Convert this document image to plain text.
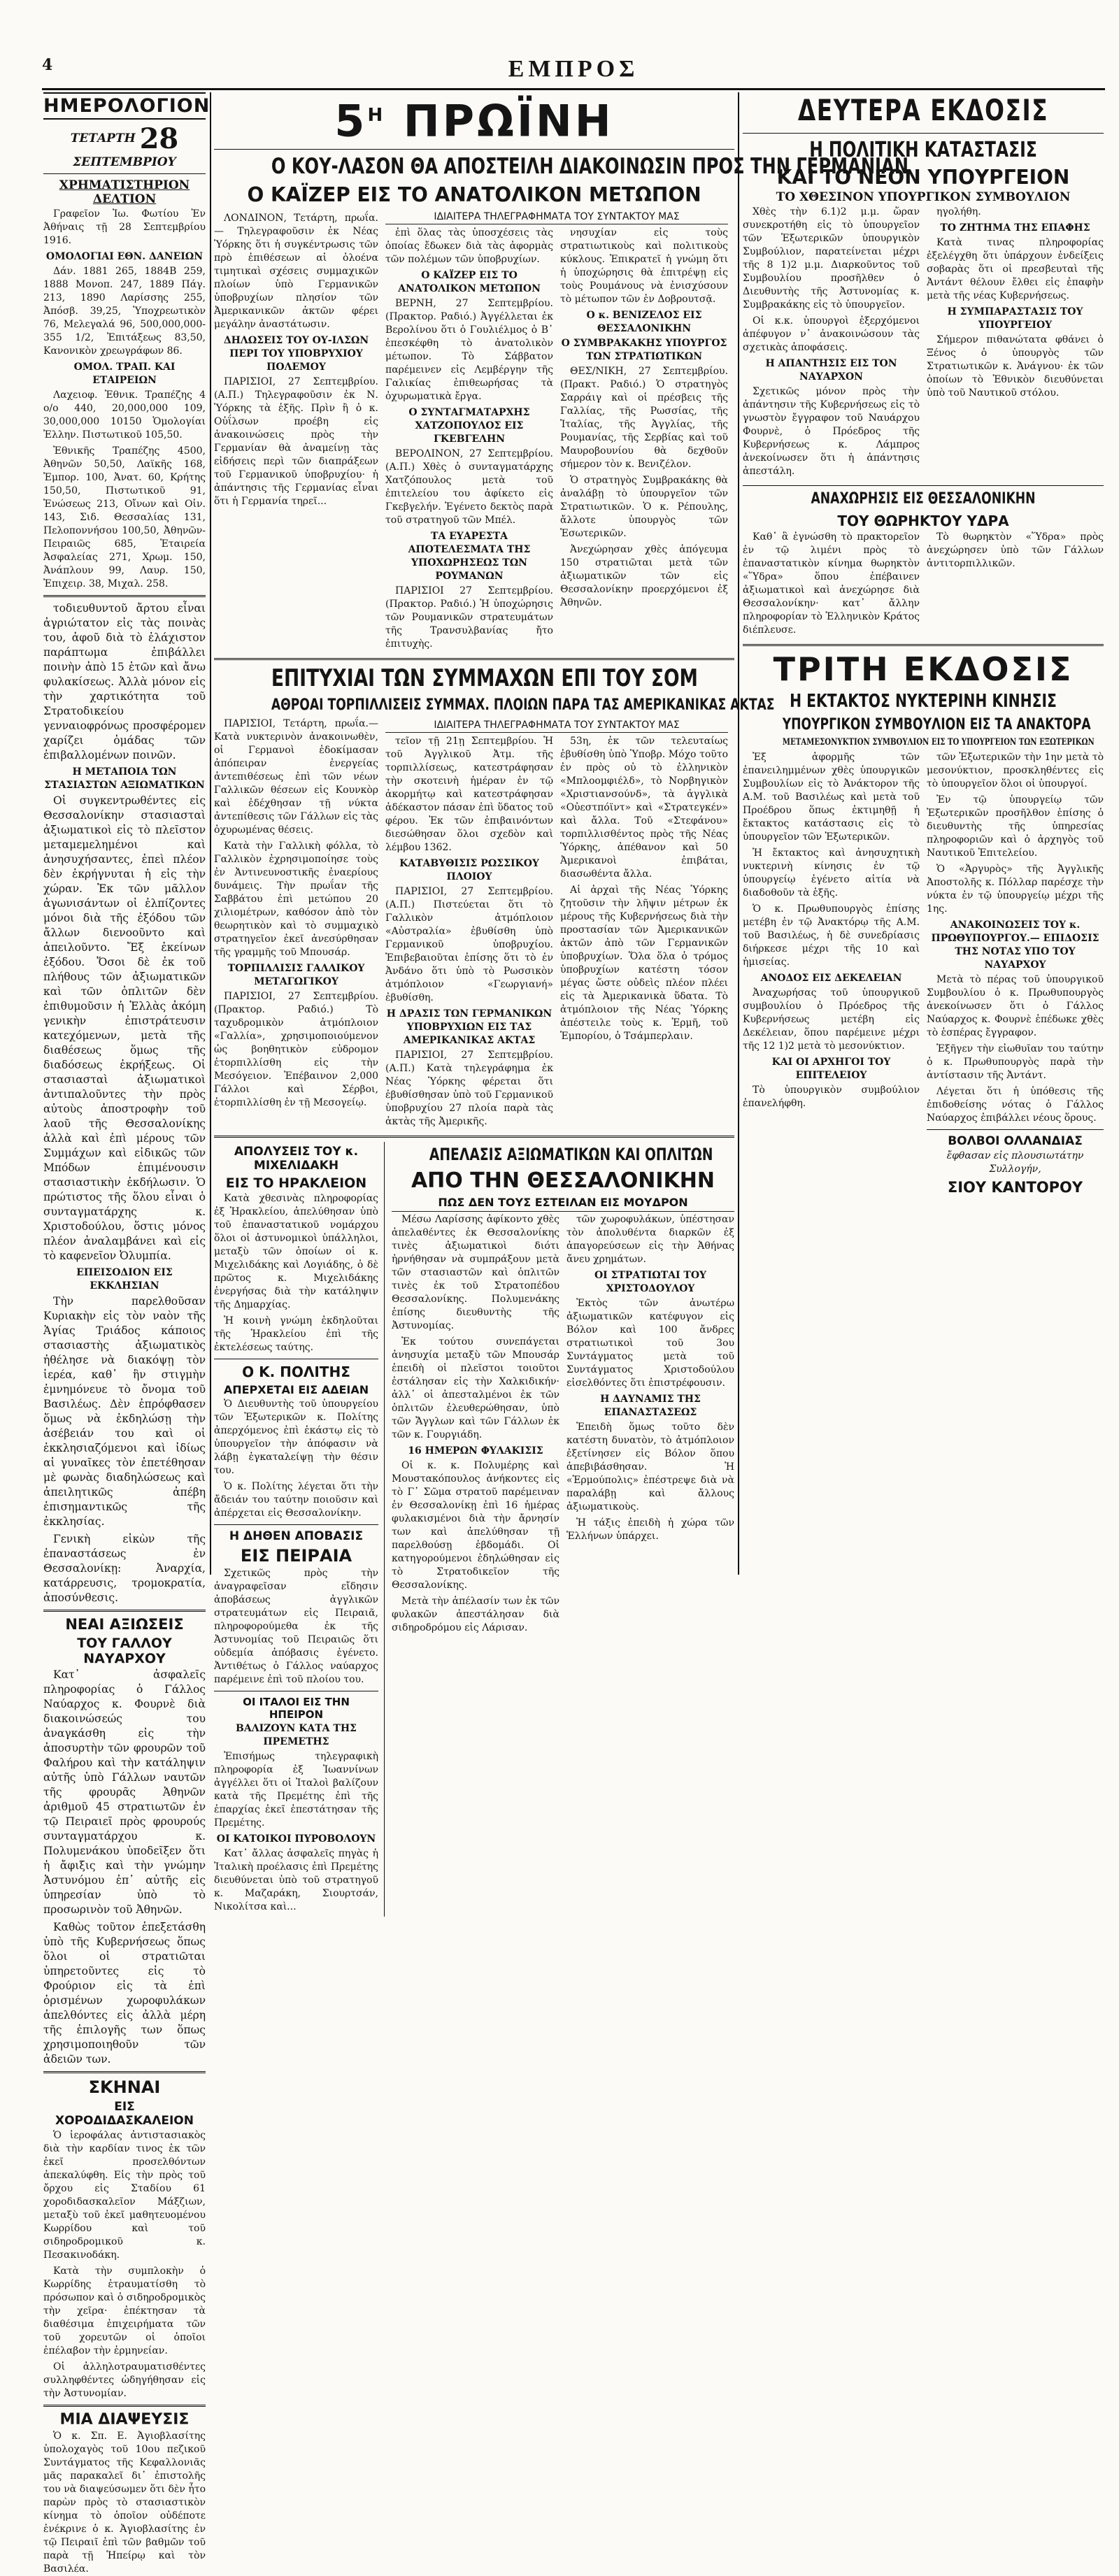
4	ΕΜΠΡΟΣ
ΗΜΕΡΟΛΟΓΙΟΝ
ΤΕΤΑΡΤΗ 28 ΣΕΠΤΕΜΒΡΙΟΥ
ΧΡΗΜΑΤΙΣΤΗΡΙΟΝ ΔΕΛΤΙΟΝ

Γραφεῖον Ἰω. Φωτίου Ἐν Ἀθήναις τῇ 28 Σεπτεμβρίου 1916.

ΟΜΟΛΟΓΙΑΙ ΕΘΝ. ΔΑΝΕΙΩΝ

Δάν. 1881 265, 1884B 259, 1888 Μονοπ. 247, 1889 Πάγ. 213, 1890 Λαρίσσης 255, Ἀπόσβ. 39,25, Ὑποχρεωτικὸν 76, Μελεγαλά 96, 500,000,000-355 1/2, Ἐπιτάξεως 83,50, Κανονικὸν χρεωγράφων 86.

ΟΜΟΛ. ΤΡΑΠ. ΚΑΙ ΕΤΑΙΡΕΙΩΝ

Λαχειοφ. Ἐθνικ. Τραπέζης 4 ο/ο 440, 20,000,000 109, 30,000,000 10150 Ὁμολογίαι Ἐλλην. Πιστωτικοῦ 105,50.

Ἐθνικῆς Τραπέζης 4500, Ἀθηνῶν 50,50, Λαϊκῆς 168, Ἐμπορ. 100, Ἀνατ. 60, Κρήτης 150,50, Πιστωτικοῦ 91, Ἑνώσεως 213, Οἴνων καὶ Οἰν. 143, Σιδ. Θεσσαλίας 131, Πελοποννήσου 100,50, Ἀθηνῶν-Πειραιῶς 685, Ἑταιρεία Ἀσφαλείας 271, Χρωμ. 150, Ἀνάπλουν 99, Λαυρ. 150, Ἐπιχειρ. 38, Μιχαλ. 258.

τοδιευθυντοῦ ἄρτου εἶναι ἀγριώτατον εἰς τὰς ποινὰς του, ἀφοῦ διὰ τὸ ἐλάχιστον παράπτωμα ἐπιβάλλει ποινὴν ἀπὸ 15 ἑτῶν καὶ ἄνω φυλακίσεως. Ἀλλὰ μόνον εἰς τὴν χαρτικότητα τοῦ Στρατοδικείου γενναιοφρόνως προσφέρομεν χαρίζει ὁμάδας τῶν ἐπιβαλλομένων ποινῶν.

Η ΜΕΤΑΠΟΙΑ ΤΩΝ ΣΤΑΣΙΑΣΤΩΝ ΑΞΙΩΜΑΤΙΚΩΝ

Οἱ συγκεντρωθέντες εἰς Θεσσαλονίκην στασιασταὶ ἀξιωματικοὶ εἰς τὸ πλεῖστον μεταμεμελημένοι καὶ ἀνησυχήσαντες, ἐπεὶ πλέον δὲν ἐκρήγνυται ἡ εἰς τὴν χώραν. Ἐκ τῶν μᾶλλον ἀγωνισάντων οἱ ἐλπίζοντες μόνοι διὰ τῆς ἐξόδου τῶν ἄλλων διενοοῦντο καὶ ἀπειλοῦντο. Ἔξ ἐκείνων ἐξόδου. Ὅσοι δὲ ἐκ τοῦ πλήθους τῶν ἀξιωματικῶν καὶ τῶν ὁπλιτῶν δὲν ἐπιθυμοῦσιν ἡ Ἑλλὰς ἀκόμη γενικὴν ἐπιστράτευσιν κατεχόμενων, μετὰ τῆς διαθέσεως ὅμως τῆς διαδόσεως ἐκρήξεως. Οἱ στασιασταὶ ἀξιωματικοὶ ἀντιπαλοῦντες τὴν πρὸς αὐτοὺς ἀποστροφὴν τοῦ λαοῦ τῆς Θεσσαλονίκης ἀλλὰ καὶ ἐπὶ μέρους τῶν Συμμάχων καὶ εἰδικῶς τῶν Μπόδων ἐπιμένουσιν στασιαστικὴν ἐκδήλωσιν. Ὁ πρώτιστος τῆς ὅλου εἶναι ὁ συνταγματάρχης κ. Χριστοδούλου, ὅστις μόνος πλέον ἀναλαμβάνει καὶ εἰς τὸ καφενεῖον Ὀλυμπία.

ΕΠΕΙΣΟΔΙΟΝ ΕΙΣ ΕΚΚΛΗΣΙΑΝ

Τὴν παρελθοῦσαν Κυριακὴν εἰς τὸν ναὸν τῆς Ἁγίας Τριάδος κάποιος στασιαστὴς ἀξιωματικὸς ἠθέλησε νὰ διακόψῃ τὸν ἱερέα, καθ᾽ ἣν στιγμὴν ἐμνημόνευε τὸ ὄνομα τοῦ Βασιλέως. Δὲν ἐπρόφθασεν ὅμως νὰ ἐκδηλώσῃ τὴν ἀσέβειάν του καὶ οἱ ἐκκλησιαζόμενοι καὶ ἰδίως αἱ γυναῖκες τὸν ἐπετέθησαν μὲ φωνὰς διαδηλώσεως καὶ ἀπειλητικῶς ἀπέβη ἐπισημαντικῶς τῆς ἐκκλησίας.

Γενικὴ εἰκὼν τῆς ἐπαναστάσεως ἐν Θεσσαλονίκῃ: Ἀναρχία, κατάρρευσις, τρομοκρατία, ἀποσύνθεσις.

ΝΕΑΙ ΑΞΙΩΣΕΙΣ
ΤΟΥ ΓΑΛΛΟΥ ΝΑΥΑΡΧΟΥ

Κατ᾽ ἀσφαλεῖς πληροφορίας ὁ Γάλλος Ναύαρχος κ. Φουρνὲ διὰ διακοινώσεώς του ἀναγκάσθη εἰς τὴν ἀποσυρτὴν τῶν φρουρῶν τοῦ Φαλήρου καὶ τὴν κατάληψιν αὐτῆς ὑπὸ Γάλλων ναυτῶν τῆς φρουρᾶς Ἀθηνῶν ἀριθμοῦ 45 στρατιωτῶν ἐν τῷ Πειραιεῖ πρὸς φρουρούς συνταγματάρχου κ. Πολυμενάκου ὑποδεῖξεν ὅτι ἡ ἄφιξις καὶ τὴν γνώμην Ἀστυνόμου ἐπ᾽ αὐτῆς εἰς ὑπηρεσίαν ὑπὸ τὸ προσωρινὸν τοῦ Ἀθηνῶν.

Καθὼς τοῦτον ἐπεξετάσθη ὑπὸ τῆς Κυβερνήσεως ὅπως ὅλοι οἱ στρατιῶται ὑπηρετοῦντες εἰς τὸ Φρούριον εἰς τὰ ἐπὶ ὀρισμένων χωροφυλάκων ἀπελθόντες εἰς ἀλλὰ μέρη τῆς ἐπιλογῆς των ὅπως χρησιμοποιηθοῦν τῶν ἀδειῶν των.

ΣΚΗΝΑΙ
ΕΙΣ ΧΟΡΟΔΙΔΑΣΚΑΛΕΙΟΝ

Ὁ ἱεροφάλας ἀντιστασιακὸς διὰ τὴν καρδίαν τινος ἐκ τῶν ἐκεῖ προσελθόντων ἀπεκαλύφθη. Εἰς τὴν πρὸς τοῦ ὄρχου εἰς Σταδίου 61 χοροδιδασκαλεῖον Μάξζιων, μεταξὺ τοῦ ἐκεῖ μαθητευομένου Κωρρίδου καὶ τοῦ σιδηροδρομικοῦ κ. Πεσακινοδάκη.

Κατὰ τὴν συμπλοκὴν ὁ Κωρρίδης ἐτραυματίσθη τὸ πρόσωπον καὶ ὁ σιδηροδρομικὸς τὴν χεῖρα· ἐπέκτησαν τὰ διαθέσιμα ἐπιχειρήματα τῶν τοῦ χορευτῶν οἱ ὁποῖοι ἐπέλαβον τὴν ἑρμηνείαν.

Οἱ ἀλληλοτραυματισθέντες συλληφθέντες ὡδηγήθησαν εἰς τὴν Ἀστυνομίαν.

ΜΙΑ ΔΙΑΨΕΥΣΙΣ

Ὁ κ. Σπ. Ε. Ἀγιοβλασίτης ὑπολοχαγὸς τοῦ 10ου πεζικοῦ Συντάγματος τῆς Κεφαλλονιᾶς μᾶς παρακαλεῖ δι᾽ ἐπιστολῆς του νὰ διαψεύσωμεν ὅτι δὲν ἦτο παρὼν πρὸς τὸ στασιαστικὸν κίνημα τὸ ὁποῖον οὐδέποτε ἐνέκρινε ὁ κ. Ἀγιοβλασίτης ἐν τῷ Πειραιῖ ἐπὶ τῶν βαθμῶν τοῦ παρὰ τῇ Ἡπείρῳ καὶ τὸν Βασιλέα.

$5^H$ ΠΡΩΪΝΗ
Ο ΚΟΥ-ΛΑΣΟΝ ΘΑ ΑΠΟΣΤΕΙΛΗ ΔΙΑΚΟΙΝΩΣΙΝ ΠΡΟΣ ΤΗΝ ΓΕΡΜΑΝΙΑΝ
Ο ΚΑΪΖΕΡ ΕΙΣ ΤΟ ΑΝΑΤΟΛΙΚΟΝ ΜΕΤΩΠΟΝ

ΛΟΝΔΙΝΟΝ, Τετάρτη, πρωΐα.— Τηλεγραφοῦσιν ἐκ Νέας Ὑόρκης ὅτι ἡ συγκέντρωσις τῶν πρὸ ἐπιθέσεων αἱ ὁλοένα τιμητικαὶ σχέσεις συμμαχικῶν πλοίων ὑπὸ Γερμανικῶν ὑποβρυχίων πλησίον τῶν Ἀμερικανικῶν ἀκτῶν φέρει μεγάλην ἀναστάτωσιν.

ΔΗΛΩΣΕΙΣ ΤΟΥ ΟΥ-ΙΛΣΩΝ ΠΕΡΙ ΤΟΥ ΥΠΟΒΡΥΧΙΟΥ ΠΟΛΕΜΟΥ

ΠΑΡΙΣΙΟΙ, 27 Σεπτεμβρίου. (Α.Π.) Τηλεγραφοῦσιν ἐκ Ν. Ὑόρκης τὰ ἑξῆς. Πρὶν ἢ ὁ κ. Οὐΐλσων προέβη εἰς ἀνακοινώσεις πρὸς τὴν Γερμανίαν θὰ ἀναμείνῃ τὰς εἰδήσεις περὶ τῶν διαπράξεων τοῦ Γερμανικοῦ ὑποβρυχίου· ἡ ἀπάντησις τῆς Γερμανίας εἶναι ὅτι ἡ Γερμανία τηρεῖ...

ΙΔΙΑΙΤΕΡΑ ΤΗΛΕΓΡΑΦΗΜΑΤΑ ΤΟΥ ΣΥΝΤΑΚΤΟΥ ΜΑΣ

ἐπὶ ὅλας τὰς ὑποσχέσεις τὰς ὁποίας ἔδωκεν διὰ τὰς ἀφορμὰς τῶν πολέμων τῶν ὑποβρυχίων.

Ο ΚΑΪΖΕΡ ΕΙΣ ΤΟ ΑΝΑΤΟΛΙΚΟΝ ΜΕΤΩΠΟΝ

ΒΕΡΝΗ, 27 Σεπτεμβρίου. (Πρακτορ. Ραδιό.) Ἀγγέλλεται ἐκ Βερολίνου ὅτι ὁ Γουλιέλμος ὁ Β᾽ ἐπεσκέφθη τὸ ἀνατολικὸν μέτωπον. Τὸ Σάββατον παρέμεινεν εἰς Λεμβέργην τῆς Γαλικίας ἐπιθεωρήσας τὰ ὀχυρωματικὰ ἔργα.

Ο ΣΥΝΤΑΓΜΑΤΑΡΧΗΣ ΧΑΤΖΟΠΟΥΛΟΣ ΕΙΣ ΓΚΕΒΓΕΛΗΝ

ΒΕΡΟΛΙΝΟΝ, 27 Σεπτεμβρίου. (Α.Π.) Χθὲς ὁ συνταγματάρχης Χατζόπουλος μετὰ τοῦ ἐπιτελείου του ἀφίκετο εἰς Γκεβγελήν. Ἐγένετο δεκτὸς παρὰ τοῦ στρατηγοῦ τῶν Μπέλ.

ΤΑ ΕΥΑΡΕΣΤΑ ΑΠΟΤΕΛΕΣΜΑΤΑ ΤΗΣ ΥΠΟΧΩΡΗΣΕΩΣ ΤΩΝ ΡΟΥΜΑΝΩΝ

ΠΑΡΙΣΙΟΙ 27 Σεπτεμβρίου. (Πρακτορ. Ραδιό.) Ἡ ὑποχώρησις τῶν Ρουμανικῶν στρατευμάτων τῆς Τρανσυλβανίας ἤτο ἐπιτυχὴς.

νησυχίαν εἰς τοὺς στρατιωτικοὺς καὶ πολιτικοὺς κύκλους. Ἐπικρατεῖ ἡ γνώμη ὅτι ἡ ὑποχώρησις θὰ ἐπιτρέψῃ εἰς τοὺς Ρουμάνους νὰ ἐνισχύσουν τὸ μέτωπον τῶν ἐν Δοβρουτσᾷ.

Ο κ. ΒΕΝΙΖΕΛΟΣ ΕΙΣ ΘΕΣΣΑΛΟΝΙΚΗΝ

Ο ΣΥΜΒΡΑΚΑΚΗΣ ΥΠΟΥΡΓΟΣ ΤΩΝ ΣΤΡΑΤΙΩΤΙΚΩΝ

ΘΕΣ/ΝΙΚΗ, 27 Σεπτεμβρίου. (Πρακτ. Ραδιό.) Ὁ στρατηγὸς Σαρράιγ καὶ οἱ πρέσβεις τῆς Γαλλίας, τῆς Ρωσσίας, τῆς Ἰταλίας, τῆς Ἀγγλίας, τῆς Ρουμανίας, τῆς Σερβίας καὶ τοῦ Μαυροβουνίου θὰ δεχθοῦν σήμερον τὸν κ. Βενιζέλον.

Ὁ στρατηγὸς Συμβρακάκης θὰ ἀναλάβῃ τὸ ὑπουργεῖον τῶν Στρατιωτικῶν. Ὁ κ. Ρέπουλης, ἄλλοτε ὑπουργὸς τῶν Ἐσωτερικῶν.

Ἀνεχώρησαν χθὲς ἀπόγευμα 150 στρατιῶται μετὰ τῶν ἀξιωματικῶν τῶν εἰς Θεσσαλονίκην προερχόμενοι ἐξ Ἀθηνῶν.

ΕΠΙΤΥΧΙΑΙ ΤΩΝ ΣΥΜΜΑΧΩΝ ΕΠΙ ΤΟΥ ΣΟΜ
ΑΘΡΟΑΙ ΤΟΡΠΙΛΛΙΣΕΙΣ ΣΥΜΜΑΧ. ΠΛΟΙΩΝ ΠΑΡΑ ΤΑΣ ΑΜΕΡΙΚΑΝΙΚΑΣ ΑΚΤΑΣ

ΠΑΡΙΣΙΟΙ, Τετάρτη, πρωΐα.— Κατὰ νυκτερινὸν ἀνακοινωθὲν, οἱ Γερμανοὶ ἐδοκίμασαν ἀπόπειραν ἐνεργείας ἀντεπιθέσεως ἐπὶ τῶν νέων Γαλλικῶν θέσεων εἰς Κουνκὸρ καὶ ἐδέχθησαν τῇ νύκτα ἀντεπίθεσις τῶν Γάλλων εἰς τὰς ὀχυρωμένας θέσεις.

Κατὰ τὴν Γαλλικὴ φόλλα, τὸ Γαλλικὸν ἐχρησιμοποίησε τοὺς ἐν Ἀντινευνοστικῆς ἐναερίους δυνάμεις. Τὴν πρωΐαν τῆς Σαββάτου ἐπὶ μετώπου 20 χιλιομέτρων, καθόσον ἀπὸ τὸν θεωρητικὸν καὶ τὸ συμμαχικὸ στρατηγεῖον ἐκεῖ ἀνεσύρθησαν τῆς γραμμῆς τοῦ Μπουσάρ.

ΤΟΡΠΙΛΛΙΣΙΣ ΓΑΛΛΙΚΟΥ ΜΕΤΑΓΩΓΙΚΟΥ

ΠΑΡΙΣΙΟΙ, 27 Σεπτεμβρίου. (Πρακτορ. Ραδιό.) Τὸ ταχυδρομικὸν ἀτμόπλοιον «Γαλλία», χρησιμοποιούμενον ὡς βοηθητικὸν εὐδρομον ἐτορπιλλίσθη εἰς τὴν Μεσόγειον. Ἐπέβαινον 2,000 Γάλλοι καὶ Σέρβοι, ἐτορπιλλίσθη ἐν τῇ Μεσογείῳ.

ΙΔΙΑΙΤΕΡΑ ΤΗΛΕΓΡΑΦΗΜΑΤΑ ΤΟΥ ΣΥΝΤΑΚΤΟΥ ΜΑΣ

τεῖον τῇ 21ῃ Σεπτεμβρίου. Ἡ τοῦ Ἀγγλικοῦ Ἀτμ. τῆς τορπιλλίσεως, κατεστράφησαν τὴν σκοτεινὴ ἡμέραν ἐν τῷ ἀκορμήτῳ καὶ κατεστράφησαν ἀδέκαστον πάσαν ἐπὶ ὕδατος τοῦ φέρου. Ἐκ τῶν ἐπιβαινόντων διεσώθησαν ὅλοι σχεδὸν καὶ λέμβου 1362.

ΚΑΤΑΒΥΘΙΣΙΣ ΡΩΣΣΙΚΟΥ ΠΛΟΙΟΥ

ΠΑΡΙΣΙΟΙ, 27 Σεπτεμβρίου. (Α.Π.) Πιστεύεται ὅτι τὸ Γαλλικὸν ἀτμόπλοιον «Αὐστραλία» ἐβυθίσθη ὑπὸ Γερμανικοῦ ὑποβρυχίου. Ἐπιβεβαιοῦται ἐπίσης ὅτι τὸ ἐν Ἀνδάνο ὅτι ὑπὸ τὸ Ρωσσικὸν ἀτμόπλοιον «Γεωργιανή» ἐβυθίσθη.

Η ΔΡΑΣΙΣ ΤΩΝ ΓΕΡΜΑΝΙΚΩΝ ΥΠΟΒΡΥΧΙΩΝ ΕΙΣ ΤΑΣ ΑΜΕΡΙΚΑΝΙΚΑΣ ΑΚΤΑΣ

ΠΑΡΙΣΙΟΙ, 27 Σεπτεμβρίου. (Α.Π.) Κατὰ τηλεγράφημα ἐκ Νέας Ὑόρκης φέρεται ὅτι ἐβυθίσθησαν ὑπὸ τοῦ Γερμανικοῦ ὑποβρυχίου 27 πλοία παρὰ τὰς ἀκτὰς τῆς Ἀμερικῆς.

53η, ἐκ τῶν τελευταίως ἐβυθίσθη ὑπὸ Ὑποβρ. Μόχο τοῦτο ἐν πρὸς οὐ τὸ ἐλληνικὸν «Μπλοομφιέλδ», τὸ Νορβηγικὸν «Χριστιανσούνδ», τὰ ἀγγλικὰ «Οὐεστπόϊντ» καὶ «Στρατεγκέν» καὶ ἄλλα. Τοῦ «Στεφάνου» τορπιλλισθέντος πρὸς τῆς Νέας Ὑόρκης, ἀπέθανον καὶ 50 Ἀμερικανοὶ ἐπιβάται, διασωθέντα ἄλλα.

Αἱ ἀρχαὶ τῆς Νέας Ὑόρκης ζητοῦσιν τὴν λῆψιν μέτρων ἐκ μέρους τῆς Κυβερνήσεως διὰ τὴν προστασίαν τῶν Ἀμερικανικῶν ἀκτῶν ἀπὸ τῶν Γερμανικῶν ὑποβρυχίων. Ὅλα ὅλα ὁ τρόμος ὑποβρυχίων κατέστη τόσον μέγας ὥστε οὐδεὶς πλέον πλέει εἰς τὰ Ἀμερικανικὰ ὕδατα. Τὸ ἀτμόπλοιον τῆς Νέας Ὑόρκης ἀπέστειλε τοὺς κ. Ἑρμῆ, τοῦ Ἑμπορίου, ὁ Τσάμπερλαιν.

ΑΠΟΛΥΣΕΙΣ ΤΟΥ κ. ΜΙΧΕΛΙΔΑΚΗ
ΕΙΣ ΤΟ ΗΡΑΚΛΕΙΟΝ

Κατὰ χθεσινὰς πληροφορίας ἐξ Ἡρακλείου, ἀπελύθησαν ὑπὸ τοῦ ἐπαναστατικοῦ νομάρχου ὅλοι οἱ ἀστυνομικοὶ ὑπάλληλοι, μεταξὺ τῶν ὁποίων οἱ κ. Μιχελιδάκης καὶ Λογιάδης, ὁ δὲ πρῶτος κ. Μιχελιδάκης ἐνεργήσας διὰ τὴν κατάληψιν τῆς Δημαρχίας.

Ἡ κοινὴ γνώμη ἐκδηλοῦται τῆς Ἡρακλείου ἐπὶ τῆς ἐκτελέσεως ταύτης.

Ο Κ. ΠΟΛΙΤΗΣ
ΑΠΕΡΧΕΤΑΙ ΕΙΣ ΑΔΕΙΑΝ

Ὁ Διευθυντὴς τοῦ ὑπουργείου τῶν Ἐξωτερικῶν κ. Πολίτης ἀπερχόμενος ἐπὶ ἑκάστῳ εἰς τὸ ὑπουργεῖον τὴν ἀπόφασιν νὰ λάβῃ ἐγκαταλείψῃ τὴν θέσιν του.

Ὁ κ. Πολίτης λέγεται ὅτι τὴν ἄδειάν του ταύτην ποιοῦσιν καὶ ἀπέρχεται εἰς Θεσσαλονίκην.

Η ΔΗΘΕΝ ΑΠΟΒΑΣΙΣ
ΕΙΣ ΠΕΙΡΑΙΑ

Σχετικῶς πρὸς τὴν ἀναγραφεῖσαν εἴδησιν ἀποβάσεως ἀγγλικῶν στρατευμάτων εἰς Πειραιᾶ, πληροφορούμεθα ἐκ τῆς Ἀστυνομίας τοῦ Πειραιῶς ὅτι οὐδεμία ἀπόβασις ἐγένετο. Ἀντιθέτως ὁ Γάλλος ναύαρχος παρέμεινε ἐπὶ τοῦ πλοίου του.

ΟΙ ΙΤΑΛΟΙ ΕΙΣ ΤΗΝ ΗΠΕΙΡΟΝ
ΒΑΛΙΖΟΥΝ ΚΑΤΑ ΤΗΣ ΠΡΕΜΕΤΗΣ

Ἐπισήμως τηλεγραφικὴ πληροφορία ἐξ Ἰωαννίνων ἀγγέλλει ὅτι οἱ Ἰταλοὶ βαλίζουν κατὰ τῆς Πρεμέτης ἐπὶ τῆς ἐπαρχίας ἐκεῖ ἐπεστάτησαν τῆς Πρεμέτης.

ΟΙ ΚΑΤΟΙΚΟΙ ΠΥΡΟΒΟΛΟΥΝ

Κατ᾽ ἄλλας ἀσφαλεῖς πηγὰς ἡ Ἰταλικὴ προέλασις ἐπὶ Πρεμέτης διευθύνεται ὑπὸ τοῦ στρατηγοῦ κ. Μαζαράκη, Σιουρτσάν, Νικολίτσα καὶ...

ΑΠΕΛΑΣΙΣ ΑΞΙΩΜΑΤΙΚΩΝ ΚΑΙ ΟΠΛΙΤΩΝ
ΑΠΟ ΤΗΝ ΘΕΣΣΑΛΟΝΙΚΗΝ
ΠΩΣ ΔΕΝ ΤΟΥΣ ΕΣΤΕΙΛΑΝ ΕΙΣ ΜΟΥΔΡΟΝ

Μέσω Λαρίσσης ἀφίκοντο χθὲς ἀπελαθέντες ἐκ Θεσσαλονίκης τινὲς ἀξιωματικοὶ διότι ἠρνήθησαν νὰ συμπράξουν μετὰ τῶν στασιαστῶν καὶ ὁπλιτῶν τινὲς ἐκ τοῦ Στρατοπέδου Θεσσαλονίκης. Πολυμενάκης ἐπίσης διευθυντὴς τῆς Ἀστυνομίας.

Ἐκ τούτου συνεπάγεται ἀνησυχία μεταξὺ τῶν Μπουσάρ ἐπειδὴ οἱ πλεῖστοι τοιοῦτοι ἐστάλησαν εἰς τὴν Χαλκιδικήν· ἀλλ᾽ οἱ ἀπεσταλμένοι ἐκ τῶν ὁπλιτῶν ἐλευθερώθησαν, ὑπὸ τῶν Ἄγγλων καὶ τῶν Γάλλων ἐκ τῶν κ. Γουργιάδη.

16 ΗΜΕΡΩΝ ΦΥΛΑΚΙΣΙΣ

Οἱ κ. κ. Πολυμέρης καὶ Μουστακόπουλος ἀνήκοντες εἰς τὸ Γ᾽ Σῶμα στρατοῦ παρέμειναν ἐν Θεσσαλονίκῃ ἐπὶ 16 ἡμέρας φυλακισμένοι διὰ τὴν ἄρνησίν των καὶ ἀπελύθησαν τῇ παρελθούσῃ ἑβδομάδι. Οἱ κατηγορούμενοι ἐδηλώθησαν εἰς τὸ Στρατοδικεῖον τῆς Θεσσαλονίκης.

Μετὰ τὴν ἀπέλασίν των ἐκ τῶν φυλακῶν ἀπεστάλησαν διὰ σιδηροδρόμου εἰς Λάρισαν.

τῶν χωροφυλάκων, ὑπέστησαν τὸν ἀπολυθέντα διαρκῶν ἐξ ἀπαγορεύσεων εἰς τὴν Ἀθήνας ἄνευ χρημάτων.

ΟΙ ΣΤΡΑΤΙΩΤΑΙ ΤΟΥ ΧΡΙΣΤΟΔΟΥΛΟΥ

Ἐκτὸς τῶν ἀνωτέρω ἀξιωματικῶν κατέφυγον εἰς Βόλον καὶ 100 ἄνδρες στρατιωτικοὶ τοῦ 3ου Συντάγματος μετὰ τοῦ Συντάγματος Χριστοδούλου εἰσελθόντες ὅτι ἐπιστρέφουσιν.

Η ΔΑΥΝΑΜΙΣ ΤΗΣ ΕΠΑΝΑΣΤΑΣΕΩΣ

Ἐπειδὴ ὅμως τοῦτο δὲν κατέστη δυνατὸν, τὸ ἀτμόπλοιον ἐξετίνησεν εἰς Βόλον ὅπου ἀπεβιβάσθησαν. Ἡ «Ἑρμούπολις» ἐπέστρεψε διὰ νὰ παραλάβῃ καὶ ἄλλους ἀξιωματικοὺς.

Ἡ τάξις ἐπειδὴ ἡ χώρα τῶν Ἑλλήνων ὑπάρχει.

ΔΕΥΤΕΡΑ ΕΚΔΟΣΙΣ
Η ΠΟΛΙΤΙΚΗ ΚΑΤΑΣΤΑΣΙΣ
ΚΑΙ ΤΟ ΝΕΟΝ ΥΠΟΥΡΓΕΙΟΝ
ΤΟ ΧΘΕΣΙΝΟΝ ΥΠΟΥΡΓΙΚΟΝ ΣΥΜΒΟΥΛΙΟΝ

Χθὲς τὴν 6.1)2 μ.μ. ὥραν συνεκροτήθη εἰς τὸ ὑπουργεῖον τῶν Ἐξωτερικῶν ὑπουργικὸν Συμβούλιον, παρατείνεται μέχρι τῆς 8 1)2 μ.μ. Διαρκοῦντος τοῦ Συμβουλίου προσῆλθεν ὁ Διευθυντὴς τῆς Ἀστυνομίας κ. Συμβρακάκης εἰς τὸ ὑπουργεῖον.

Οἱ κ.κ. ὑπουργοὶ ἐξερχόμενοι ἀπέφυγον ν᾽ ἀνακοινώσουν τὰς σχετικὰς ἀποφάσεις.

Η ΑΠΑΝΤΗΣΙΣ ΕΙΣ ΤΟΝ ΝΑΥΑΡΧΟΝ

Σχετικῶς μόνον πρὸς τὴν ἀπάντησιν τῆς Κυβερνήσεως εἰς τὸ γνωστὸν ἔγγραφον τοῦ Ναυάρχου Φουρνὲ, ὁ Πρόεδρος τῆς Κυβερνήσεως κ. Λάμπρος ἀνεκοίνωσεν ὅτι ἡ ἀπάντησις ἀπεστάλη.

ηγολήθη.

ΤΟ ΖΗΤΗΜΑ ΤΗΣ ΕΠΑΦΗΣ

Κατὰ τινας πληροφορίας ἐξελέγχθη ὅτι ὑπάρχουν ἐνδείξεις σοβαρὰς ὅτι οἱ πρεσβευταὶ τῆς Ἀντάντ θέλουν ἔλθει εἰς ἐπαφὴν μετὰ τῆς νέας Κυβερνήσεως.

Η ΣΥΜΠΑΡΑΣΤΑΣΙΣ ΤΟΥ ΥΠΟΥΡΓΕΙΟΥ

Σήμερον πιθανώτατα φθάνει ὁ Ξένος ὁ ὑπουργὸς τῶν Στρατιωτικῶν κ. Ἀνάγνου· ἐκ τῶν ὁποίων τὸ Ἐθνικὸν διευθύνεται ὑπὸ τοῦ Ναυτικοῦ στόλου.

ΑΝΑΧΩΡΗΣΙΣ ΕΙΣ ΘΕΣΣΑΛΟΝΙΚΗΝ
ΤΟΥ ΘΩΡΗΚΤΟΥ ΥΔΡΑ

Καθ᾽ ἃ ἐγνώσθη τὸ πρακτορεῖον ἐν τῷ λιμένι πρὸς τὸ ἐπαναστατικὸν κίνημα θωρηκτὸν «Ὕδρα» ὅπου ἐπέβαινεν ἀξιωματικοὶ καὶ ἀνεχώρησε διὰ Θεσσαλονίκην· κατ᾽ ἄλλην πληροφορίαν τὸ Ἑλληνικὸν Κράτος διέπλευσε.

Τὸ θωρηκτὸν «Ὕδρα» πρὸς ἀνεχώρησεν ὑπὸ τῶν Γάλλων ἀντιτορπιλλικῶν.

ΤΡΙΤΗ ΕΚΔΟΣΙΣ
Η ΕΚΤΑΚΤΟΣ ΝΥΚΤΕΡΙΝΗ ΚΙΝΗΣΙΣ
ΥΠΟΥΡΓΙΚΟΝ ΣΥΜΒΟΥΛΙΟΝ ΕΙΣ ΤΑ ΑΝΑΚΤΟΡΑ
ΜΕΤΑΜΕΣΟΝΥΚΤΙΟΝ ΣΥΜΒΟΥΛΙΟΝ ΕΙΣ ΤΟ ΥΠΟΥΡΓΕΙΟΝ ΤΩΝ ΕΞΩΤΕΡΙΚΩΝ

Ἐξ ἀφορμῆς τῶν ἐπανειλημμένων χθὲς ὑπουργικῶν Συμβουλίων εἰς τὸ Ἀνάκτορον τῆς Α.Μ. τοῦ Βασιλέως καὶ μετὰ τοῦ Προέδρου ὅπως ἐκτιμηθῇ ἡ ἔκτακτος κατάστασις εἰς τὸ ὑπουργεῖον τῶν Ἐξωτερικῶν.

Ἡ ἔκτακτος καὶ ἀνησυχητικὴ νυκτερινὴ κίνησις ἐν τῷ ὑπουργείῳ ἐγένετο αἰτία νὰ διαδοθοῦν τὰ ἑξῆς.

Ὁ κ. Πρωθυπουργὸς ἐπίσης μετέβη ἐν τῷ Ἀνακτόρῳ τῆς Α.Μ. τοῦ Βασιλέως, ἡ δὲ συνεδρίασις διήρκεσε μέχρι τῆς 10 καὶ ἡμισείας.

ΑΝΟΔΟΣ ΕΙΣ ΔΕΚΕΛΕΙΑΝ

Ἀναχωρήσας τοῦ ὑπουργικοῦ συμβουλίου ὁ Πρόεδρος τῆς Κυβερνήσεως μετέβη εἰς Δεκέλειαν, ὅπου παρέμεινε μέχρι τῆς 12 1)2 μετὰ τὸ μεσονύκτιον.

ΚΑΙ ΟΙ ΑΡΧΗΓΟΙ ΤΟΥ ΕΠΙΤΕΛΕΙΟΥ

Τὸ ὑπουργικὸν συμβούλιον ἐπανελήφθη.

τῶν Ἐξωτερικῶν τὴν 1ην μετὰ τὸ μεσονύκτιον, προσκληθέντες εἰς τὸ ὑπουργεῖον ὅλοι οἱ ὑπουργοί.

Ἐν τῷ ὑπουργείῳ τῶν Ἐξωτερικῶν προσῆλθον ἐπίσης ὁ διευθυντὴς τῆς ὑπηρεσίας πληροφοριῶν καὶ ὁ ἀρχηγὸς τοῦ Ναυτικοῦ Ἐπιτελείου.

Ὁ «Ἀργυρὸς» τῆς Ἀγγλικῆς Ἀποστολῆς κ. Πόλλαρ παρέσχε τὴν νύκτα ἐν τῷ ὑπουργείῳ μέχρι τῆς 1ης.

ΑΝΑΚΟΙΝΩΣΕΙΣ ΤΟΥ κ. ΠΡΩΘΥΠΟΥΡΓΟΥ.— ΕΠΙΔΟΣΙΣ ΤΗΣ ΝΟΤΑΣ ΥΠΟ ΤΟΥ ΝΑΥΑΡΧΟΥ

Μετὰ τὸ πέρας τοῦ ὑπουργικοῦ Συμβουλίου ὁ κ. Πρωθυπουργὸς ἀνεκοίνωσεν ὅτι ὁ Γάλλος Ναύαρχος κ. Φουρνὲ ἐπέδωκε χθὲς τὸ ἑσπέρας ἔγγραφον.

Ἐξῆγεν τὴν εἰωθυῖαν του ταύτην ὁ κ. Πρωθυπουργὸς παρὰ τὴν ἀντίστασιν τῆς Ἀντάντ.

Λέγεται ὅτι ἡ ὑπόθεσις τῆς ἐπιδοθείσης νότας ὁ Γάλλος Ναύαρχος ἐπιβάλλει νέους ὅρους.

ΒΟΛΒΟΙ ΟΛΛΑΝΔΙΑΣ
ἔφθασαν εἰς πλουσιωτάτην Συλλογήν,
ΣΙΟΥ ΚΑΝΤΟΡΟΥ
